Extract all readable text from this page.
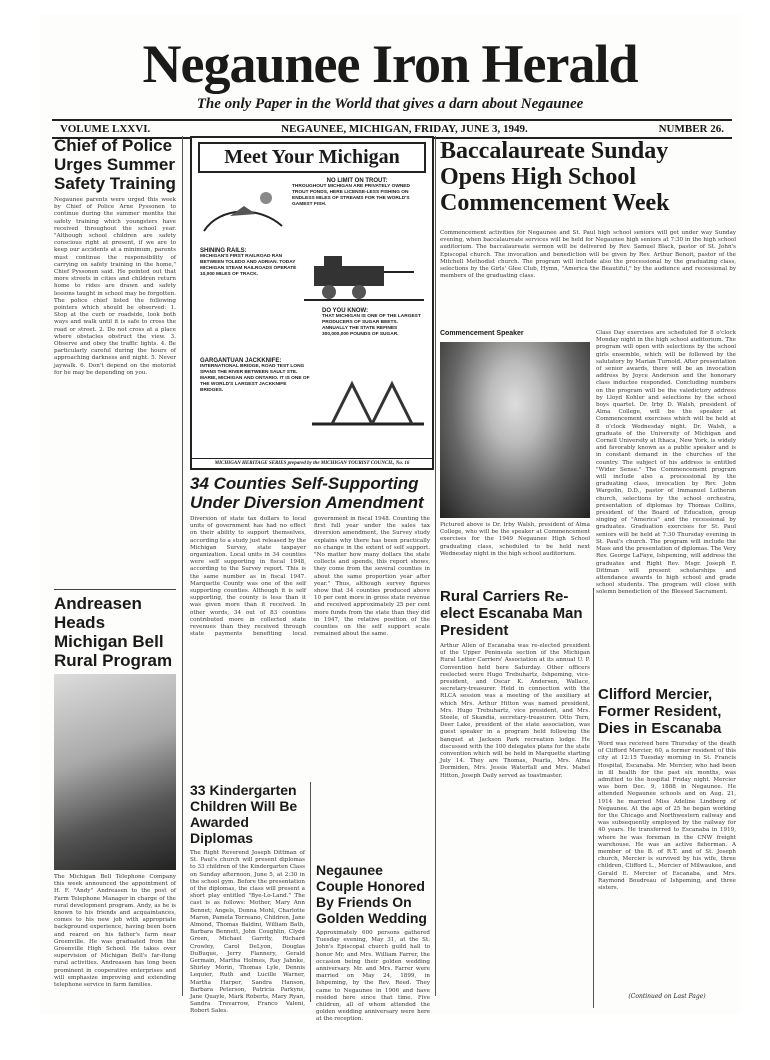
Negaunee Iron Herald
The only Paper in the World that gives a darn about Negaunee
VOLUME LXXVI.	NEGAUNEE, MICHIGAN, FRIDAY, JUNE 3, 1949.	NUMBER 26.
Chief of Police Urges Summer Safety Training
Negaunee parents were urged this week by Chief of Police Arne Pyssonen to continue during the summer months the safety training which youngsters have received throughout the school year. "Although school children are safety conscious right at present, if we are to keep our accidents at a minimum, parents must continue the responsibility of carrying on safety training in the home," Chief Pyssonen said. He pointed out that more streets in cities and children return home to rides are drawn and safety lessons taught in school may be forgotten. The police chief listed the following pointers which should be observed: 1. Stop at the curb or roadside, look both ways and walk until it is safe to cross the road or street. 2. Do not cross at a place where obstacles obstruct the view. 3. Observe and obey the traffic lights. 4. Be particularly careful during the hours of approaching darkness and night. 5. Never jaywalk. 6. Don't depend on the motorist for he may be depending on you.
Andreasen Heads Michigan Bell Rural Program
The Michigan Bell Telephone Company this week announced the appointment of H. F. "Andy" Andreasen to the post of Farm Telephone Manager in charge of the rural development program. Andy, as he is known to his friends and acquaintances, comes to his new job with appropriate background experience, having been born and reared on his father's farm near Greenville. He was graduated from the Greenville High School. He takes over supervision of Michigan Bell's far-flung rural activities. Andreasen has long been prominent in cooperative enterprises and will emphasize improving and extending telephone service in farm families.
Meet Your Michigan
NO LIMIT ON TROUT:
THROUGHOUT MICHIGAN ARE PRIVATELY OWNED TROUT PONDS, HERE LICENSE-LESS FISHING ON ENDLESS MILES OF STREAMS FOR THE WORLD'S GAMEST FISH.
SHINING RAILS:
MICHIGAN'S FIRST RAILROAD RAN BETWEEN TOLEDO AND ADRIAN. TODAY MICHIGAN STEAM RAILROADS OPERATE 10,000 MILES OF TRACK.
DO YOU KNOW:
THAT MICHIGAN IS ONE OF THE LARGEST PRODUCERS OF SUGAR BEETS. ANNUALLY THE STATE REFINES 300,000,000 POUNDS OF SUGAR.
GARGANTUAN JACKKNIFE:
INTERNATIONAL BRIDGE, ROAD TEST LONG SPANS THE RIVER BETWEEN SAULT STE. MARIE, MICHIGAN AND ONTARIO. IT IS ONE OF THE WORLD'S LARGEST JACKKNIFE BRIDGES.
MICHIGAN HERITAGE SERIES prepared by the MICHIGAN TOURIST COUNCIL, No. 16
34 Counties Self-Supporting Under Diversion Amendment
Diversion of state tax dollars to local units of government has had no effect on their ability to support themselves, according to a study just released by the Michigan Survey, state taxpayer organization. Local units in 34 counties were self supporting in fiscal 1948, according to the Survey report. This is the same number as in fiscal 1947. Marquette County was one of the self supporting counties. Although it is self supporting, the county is less than it was given more than it received. In other words, 34 out of 83 counties contributed more in collected state revenues than they received through state payments benefiting local government in fiscal 1948. Counting the first full year under the sales tax diversion amendment, the Survey study explains why there has been practically no change in the extent of self support. "No matter how many dollars the state collects and spends, this report shows, they come from the several counties in about the same proportion year after year." Thus, although survey figures show that 34 counties produced above 10 per cent more in gross state revenue and received approximately 25 per cent more funds from the state than they did in 1947, the relative position of the counties on the self support scale remained about the same.
33 Kindergarten Children Will Be Awarded Diplomas
The Right Reverend Joseph Dittman of St. Paul's church will present diplomas to 33 children of the Kindergarten Class on Sunday afternoon, June 5, at 2:30 in the school gym. Before the presentation of the diplomas, the class will present a short play entitled "Bye-Lo-Land." The cast is as follows: Mother, Mary Ann Bennet; Angels, Donna Mohl, Charlotte Maron, Pamela Torreano, Children, Jane Almond, Thomas Baldini, William Bath, Barbara Bennett, John Coughlin, Clyde Green, Michael Garrity, Richard Crowley, Carol DeLyon, Douglas DuBuque, Jerry Flannery, Gerald Germain, Martha Holmes, Ray Jahnke, Shirley Morin, Thomas Lyle, Dennis Lequier, Ruth and Lucille Warner, Martha Harper, Sandra Hanson, Barbara Peterson, Patricia Parkyns, Jane Quayle, Mark Roberts, Mary Ryan, Sandra Trevarrow, Franco Valeni, Robert Sales.
Negaunee Couple Honored By Friends On Golden Wedding
Approximately 600 persons gathered Tuesday evening, May 31, at the St. John's Episcopal church guild hall to honor Mr. and Mrs. William Farrer, the occasion being their golden wedding anniversary. Mr. and Mrs. Farrer were married on May 24, 1899, in Ishpeming, by the Rev. Reed. They came to Negaunee in 1906 and have resided here since that time. Five children, all of whom attended the golden wedding anniversary were here at the reception.
Baccalaureate Sunday Opens High School Commencement Week
Commencement activities for Negaunee and St. Paul high school seniors will get under way Sunday evening, when baccalaureate services will be held for Negaunee high seniors at 7:30 in the high school auditorium. The baccalaureate sermon will be delivered by Rev. Samuel Black, pastor of St. John's Episcopal church. The invocation and benediction will be given by Rev. Arthur Benoit, pastor of the Mitchell Methodist church. The program will include also the processional by the graduating class, selections by the Girls' Glee Club, Hymn, "America the Beautiful," by the audience and recessional by members of the graduating class.
Commencement Speaker
Pictured above is Dr. Irby Walsh, president of Alma College, who will be the speaker at Commencement exercises for the 1949 Negaunee High School graduating class, scheduled to be held next Wednesday night in the high school auditorium.
Class Day exercises are scheduled for 8 o'clock Monday night in the high school auditorium. The program will open with selections by the school girls ensemble, which will be followed by the salutatory by Marian Turnold. After presentation of senior awards, there will be an invocation address by Joyce Anderson and the honorary class inductee responded. Concluding numbers on the program will be the valedictory address by Lloyd Kohler and selections by the school boys quartet. Dr. Irby D. Walsh, president of Alma College, will be the speaker at Commencement exercises which will be held at 8 o'clock Wednesday night. Dr. Walsh, a graduate of the University of Michigan and Cornell University at Ithaca, New York, is widely and favorably known as a public speaker and is in constant demand in the churches of the country. The subject of his address is entitled "Wider Sense." The Commencement program will include also a processional by the graduating class, invocation by Rev. John Wargolin, D.D., pastor of Immanuel Lutheran church, selections by the school orchestra, presentation of diplomas by Thomas Collins, president of the Board of Education, group singing of "America" and the recessional by graduates. Graduation exercises for St. Paul seniors will be held at 7:30 Thursday evening in St. Paul's church. The program will include the Mass and the presentation of diplomas. The Very Rev. George LaFaye, Ishpeming, will address the graduates and Right Rev. Msgr. Joseph F. Dittman will present scholarships and attendance awards to high school and grade school students. The program will close with solemn benediction of the Blessed Sacrament.
Rural Carriers Re-elect Escanaba Man President
Arthur Allen of Escanaba was re-elected president of the Upper Peninsula section of the Michigan Rural Letter Carriers' Association at its annual U. P. Convention held here Saturday. Other officers reelected were Hugo Trebuhartz, Ishpeming, vice-president, and Oscar K. Andersen, Wallace, secretary-treasurer. Held in connection with the RLCA session was a meeting of the auxiliary at which Mrs. Arthur Hitton was named president, Mrs. Hugo Trebuhartz, vice president, and Mrs. Steele, of Skandia, secretary-treasurer. Otto Tern, Deer Lake, president of the state association, was guest speaker in a program held following the banquet at Jackson Park recreation lodge. He discussed with the 100 delegates plans for the state convention which will be held in Marquette starting July 14. They are Thomas, Pearla, Mrs. Alma Dormiden, Mrs. Jessie Waterfall and Mrs. Mabel Hitton, Joseph Daily served as toastmaster.
Clifford Mercier, Former Resident, Dies in Escanaba
Word was received here Thursday of the death of Clifford Mercier, 60, a former resident of this city at 12:15 Tuesday morning in St. Francis Hospital, Escanaba. Mr. Mercier, who had been in ill health for the past six months, was admitted to the hospital Friday night. Mercier was born Dec. 9, 1888 in Negaunee. He attended Negaunee schools and on Aug. 21, 1914 he married Miss Adeline Lindberg of Negaunee. At the age of 25 he began working for the Chicago and Northwestern railway and was subsequently employed by the railway for 40 years. He transferred to Escanaba in 1919, where he was foreman in the CNW freight warehouse. He was an active fisherman. A member of the B. of R.T. and of St. Joseph church, Mercier is survived by his wife, three children, Clifford L., Mercier of Milwaukee, and Gerald E. Mercier of Escanaba, and Mrs. Raymond Boudreau of Ishpeming, and three sisters.
(Continued on Last Page)
